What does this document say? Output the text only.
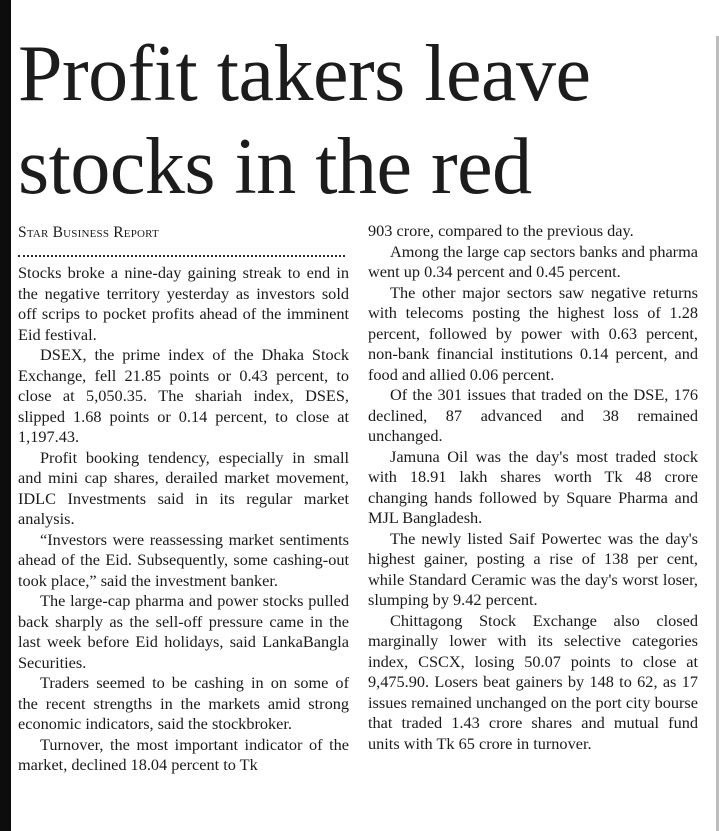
Profit takers leave
stocks in the red
Star Business Report

Stocks broke a nine-day gaining streak to end in the negative territory yesterday as investors sold off scrips to pocket profits ahead of the imminent Eid festival.

DSEX, the prime index of the Dhaka Stock Exchange, fell 21.85 points or 0.43 percent, to close at 5,050.35. The shariah index, DSES, slipped 1.68 points or 0.14 percent, to close at 1,197.43.

Profit booking tendency, especially in small and mini cap shares, derailed market movement, IDLC Investments said in its regular market analysis.

“Investors were reassessing market sentiments ahead of the Eid. Subsequently, some cashing-out took place,” said the investment banker.

The large-cap pharma and power stocks pulled back sharply as the sell-off pressure came in the last week before Eid holidays, said LankaBangla Securities.

Traders seemed to be cashing in on some of the recent strengths in the markets amid strong economic indicators, said the stockbroker.

Turnover, the most important indicator of the market, declined 18.04 percent to Tk

903 crore, compared to the previous day.

Among the large cap sectors banks and pharma went up 0.34 percent and 0.45 percent.

The other major sectors saw negative returns with telecoms posting the highest loss of 1.28 percent, followed by power with 0.63 percent, non-bank financial institutions 0.14 percent, and food and allied 0.06 percent.

Of the 301 issues that traded on the DSE, 176 declined, 87 advanced and 38 remained unchanged.

Jamuna Oil was the day's most traded stock with 18.91 lakh shares worth Tk 48 crore changing hands followed by Square Pharma and MJL Bangladesh.

The newly listed Saif Powertec was the day's highest gainer, posting a rise of 138 per cent, while Standard Ceramic was the day's worst loser, slumping by 9.42 percent.

Chittagong Stock Exchange also closed marginally lower with its selective categories index, CSCX, losing 50.07 points to close at 9,475.90. Losers beat gainers by 148 to 62, as 17 issues remained unchanged on the port city bourse that traded 1.43 crore shares and mutual fund units with Tk 65 crore in turnover.
